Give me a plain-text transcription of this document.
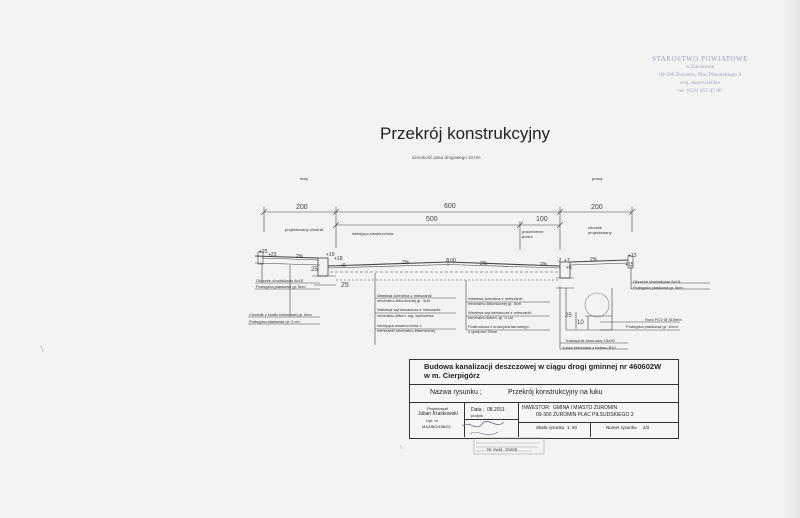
STAROSTWO POWIATOWE
w Żurominie
09-300 Żuromin, Plac Piłsudskiego 4
woj. mazowieckie
tel. (023) 657 47 00
Przekrój konstrukcyjny
szerokość pasa drogowego 10,0m
lewy	prawy
200	600
500	100
200
25
25
25
10
projektowany chodnik
istniejąca nawierzchnia	poszerzenie jezdni
chodnik projektowany
2%
2%	0,00	2%	2%
2%
+25 +23	+19
+18
+6
-2 +7
+6
+13
+15
Obrzeże chodnikowe 6x15
Podsypka piaskowa gr. 5cm
Chodnik z kostki betonowej gr. 8cm
Podsypka piaskowa gr. 3 cm
Warstwa ścieralna z mieszanki
mineralno-bitumicznej gr. 4cm
Warstwa wyrównawcza z mieszanki
mineralno-bitum. wg. wyliczenia
Istniejąca nawierzchnia z
mieszanki mineralno-bitumicznej
Warstwa ścieralna z mieszanki
mineralno-bitumicznej gr. 4cm
Warstwa wyrównawcza z mieszanki
mineralno-bitum. gr. 4 cm
Podbudowa z kruszywa łamanego
o grubości 20cm
Obrzeże chodnikowe 6x15
Podsypka piaskowa gr. 5cm
Rura PCV Ø 315mm
Podsypka piaskowa gr. 10cm
Krawężnik betonowy 15x30
Ława betonowa z betonu B10
Budowa kanalizacji deszczowej w ciągu drogi gminnej nr 460602W
w m. Cierpigórz
Nazwa rysunku ;	Przekrój konstrukcyjny na łuku
Projektował
Julian Kraśkowski
Upr. nr
MAZ/BO/156/02
Data ; 08.2011
podpis
INWESTOR: GMINA I MIASTO ŻUROMIN
09-300 ŻUROMIN PLAC PIŁSUDSKIEGO 3
Skala rysunku 1: 50	Numer rysunku 4/2
Nr ewid. 19456
